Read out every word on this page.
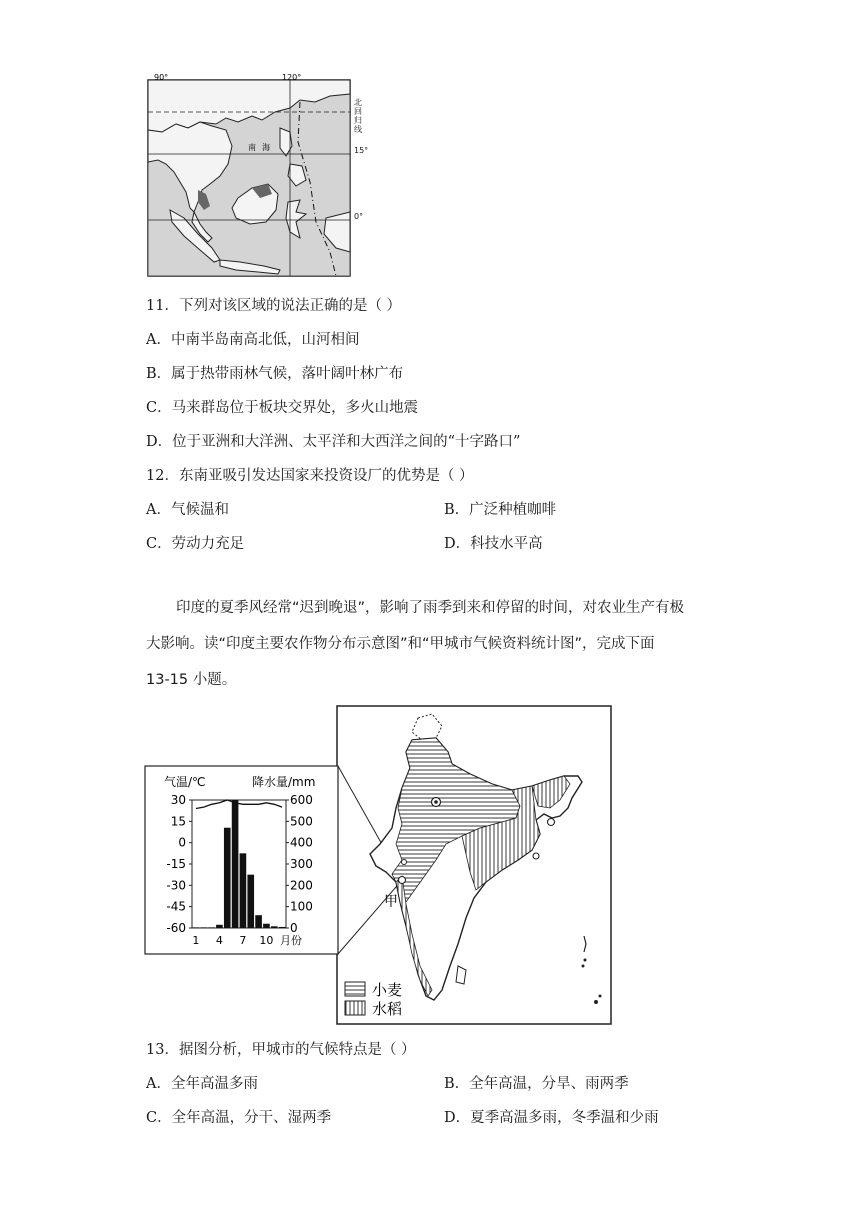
90°	120°
南海
北回归线
15°
0°
11．下列对该区域的说法正确的是（ ）
A．中南半岛南高北低，山河相间
B．属于热带雨林气候，落叶阔叶林广布
C．马来群岛位于板块交界处，多火山地震
D．位于亚洲和大洋洲、太平洋和大西洋之间的“十字路口”
12．东南亚吸引发达国家来投资设厂的优势是（ ）
A．气候温和	B．广泛种植咖啡
C．劳动力充足	D．科技水平高

印度的夏季风经常“迟到晚退”，影响了雨季到来和停留的时间，对农业生产有极

大影响。读“印度主要农作物分布示意图”和“甲城市气候资料统计图”，完成下面

13-15 小题。

甲
小麦
水稻
气温/℃	降水量/mm
30
15
0
-15
-30
-45
-60
600
500
400
300
200
100
0
1 4 7 10 月份
13．据图分析，甲城市的气候特点是（ ）
A．全年高温多雨	B．全年高温，分旱、雨两季
C．全年高温，分干、湿两季	D．夏季高温多雨，冬季温和少雨
